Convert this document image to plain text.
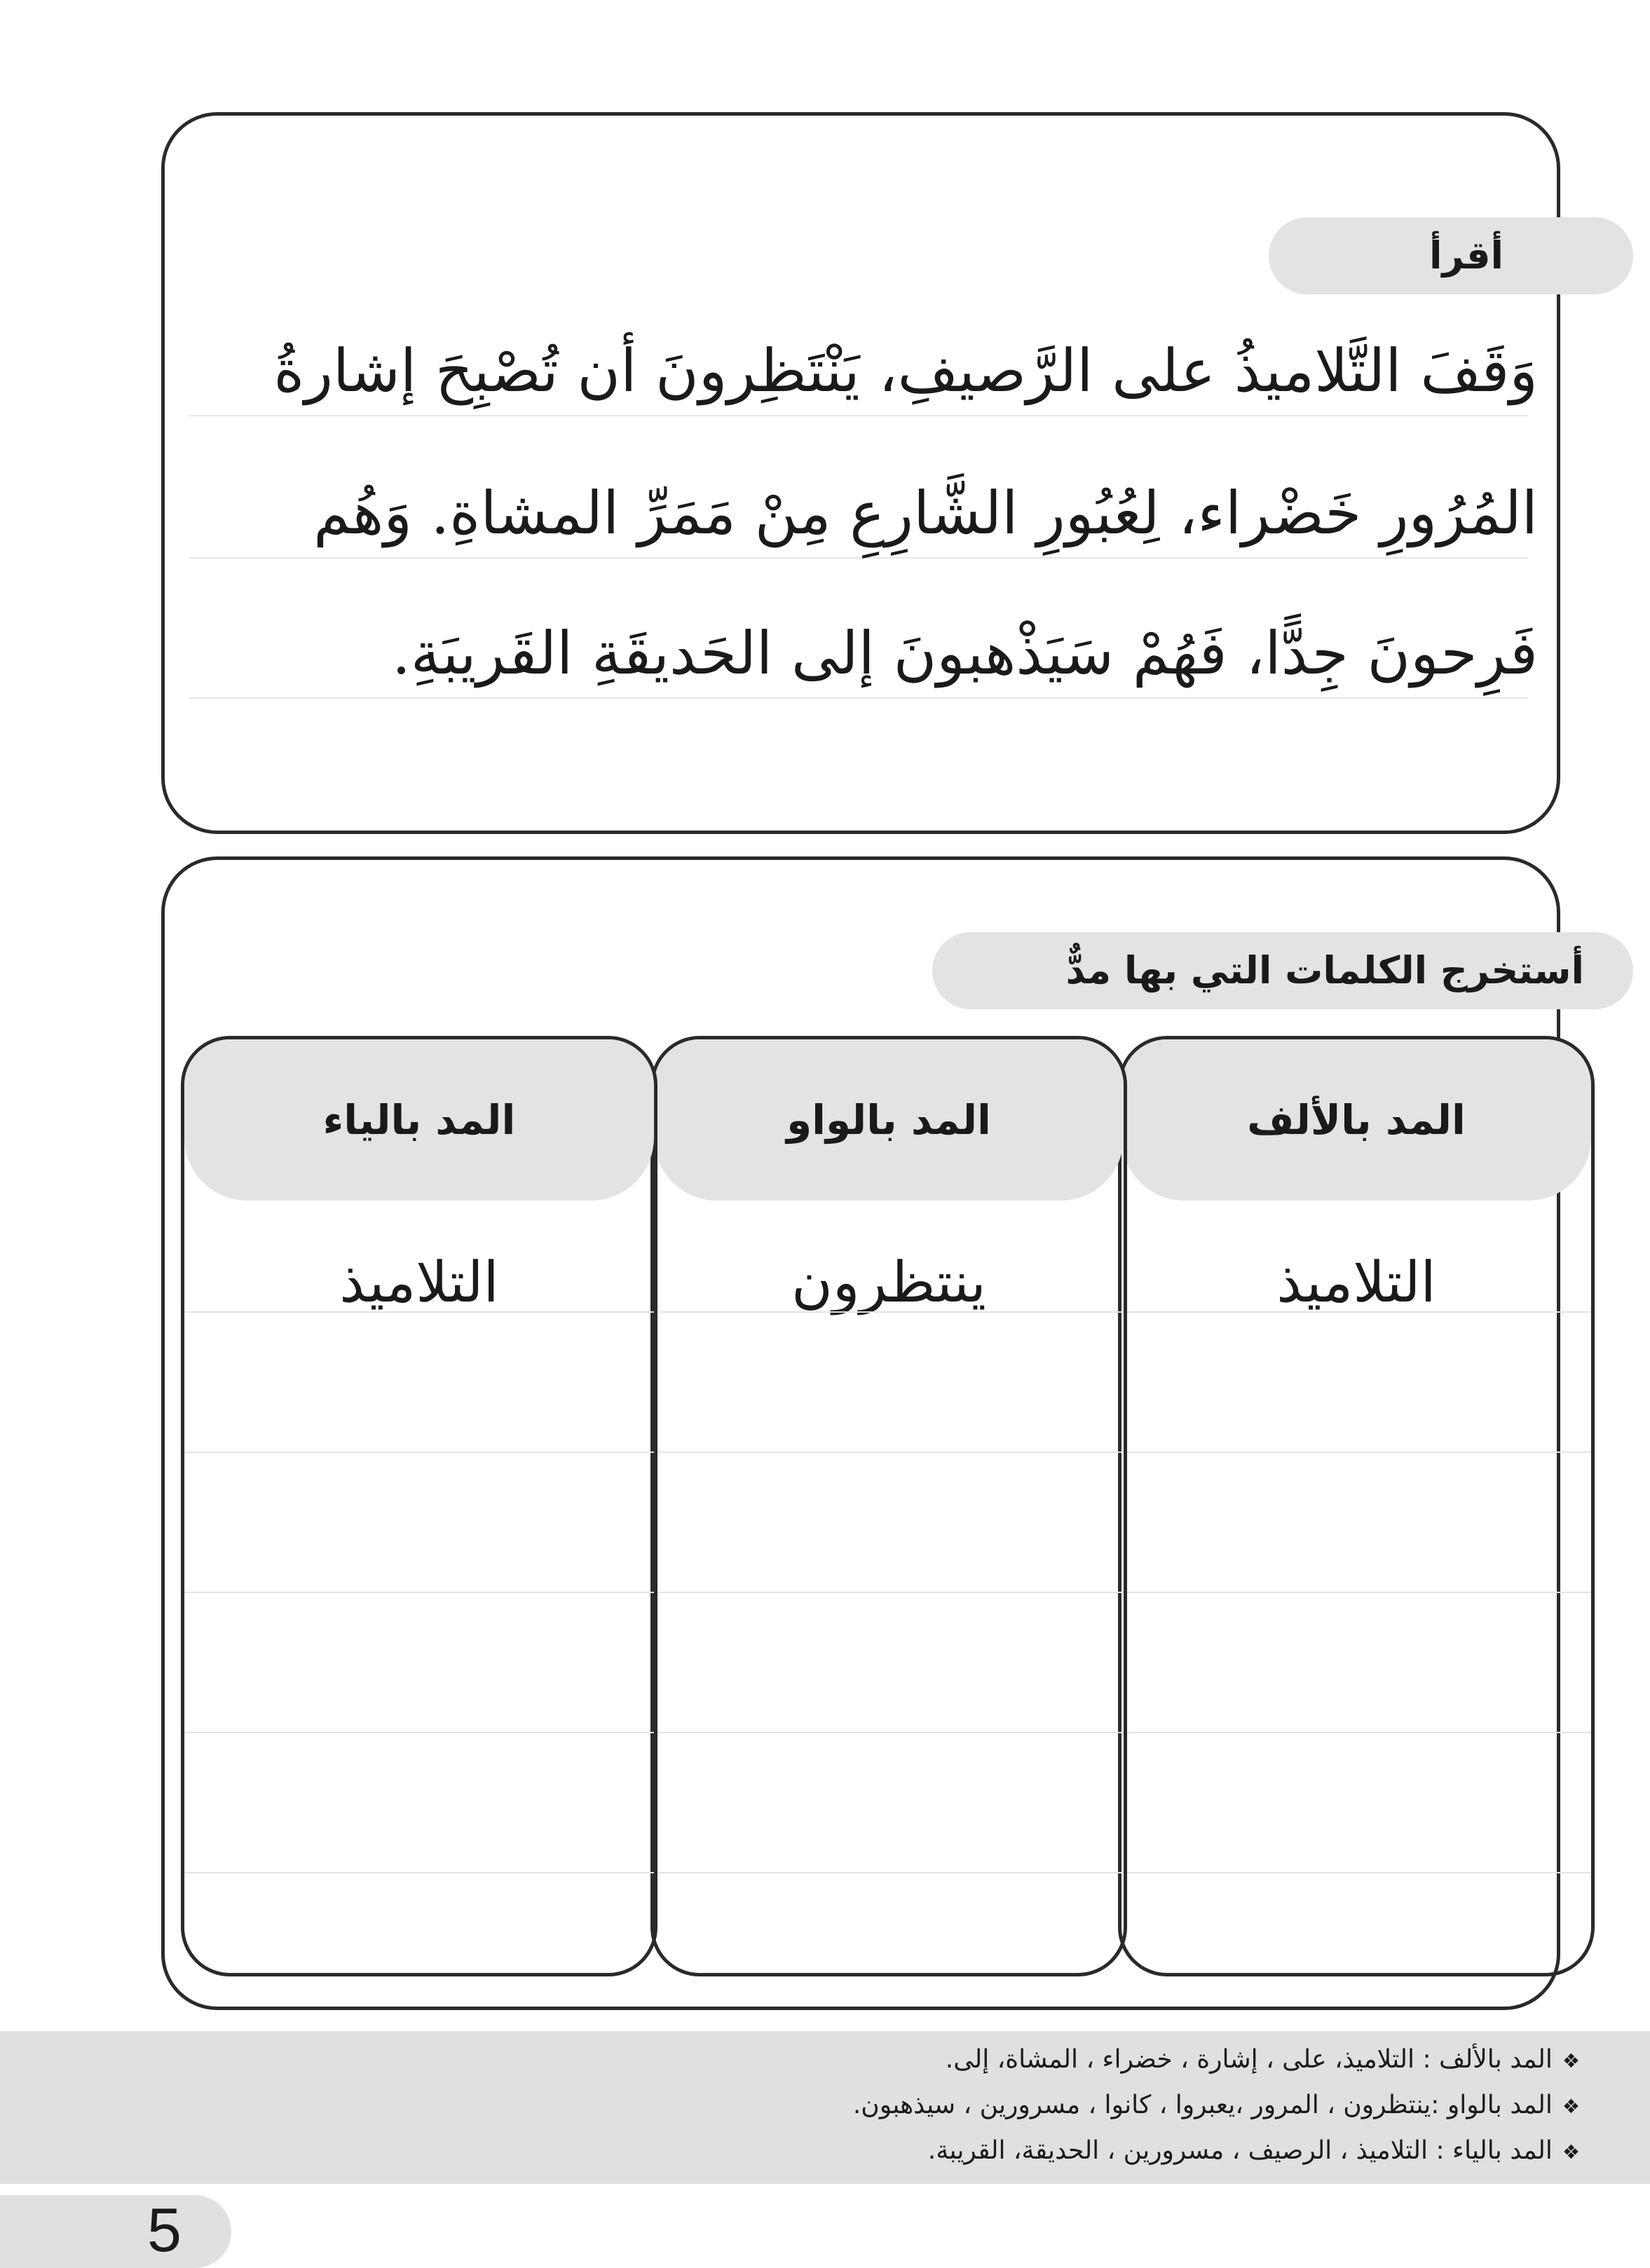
أقرأ
وَقَفَ التَّلاميذُ على الرَّصيفِ، يَنْتَظِرونَ أن تُصْبِحَ إشارةُ
المُرُورِ خَضْراء، لِعُبُورِ الشَّارِعِ مِنْ مَمَرِّ المشاةِ. وَهُم
فَرِحونَ جِدًّا، فَهُمْ سَيَذْهبونَ إلى الحَديقَةِ القَريبَةِ.
أستخرج الكلمات التي بها مدٌّ
المد بالألف
التلاميذ
المد بالواو
ينتظرون
المد بالياء
التلاميذ
❖المد بالألف : التلاميذ، على ، إشارة ، خضراء ، المشاة، إلى.
❖المد بالواو :ينتظرون ، المرور ،يعبروا ، كانوا ، مسرورين ، سيذهبون.
❖المد بالياء : التلاميذ ، الرصيف ، مسرورين ، الحديقة، القريبة.
5
